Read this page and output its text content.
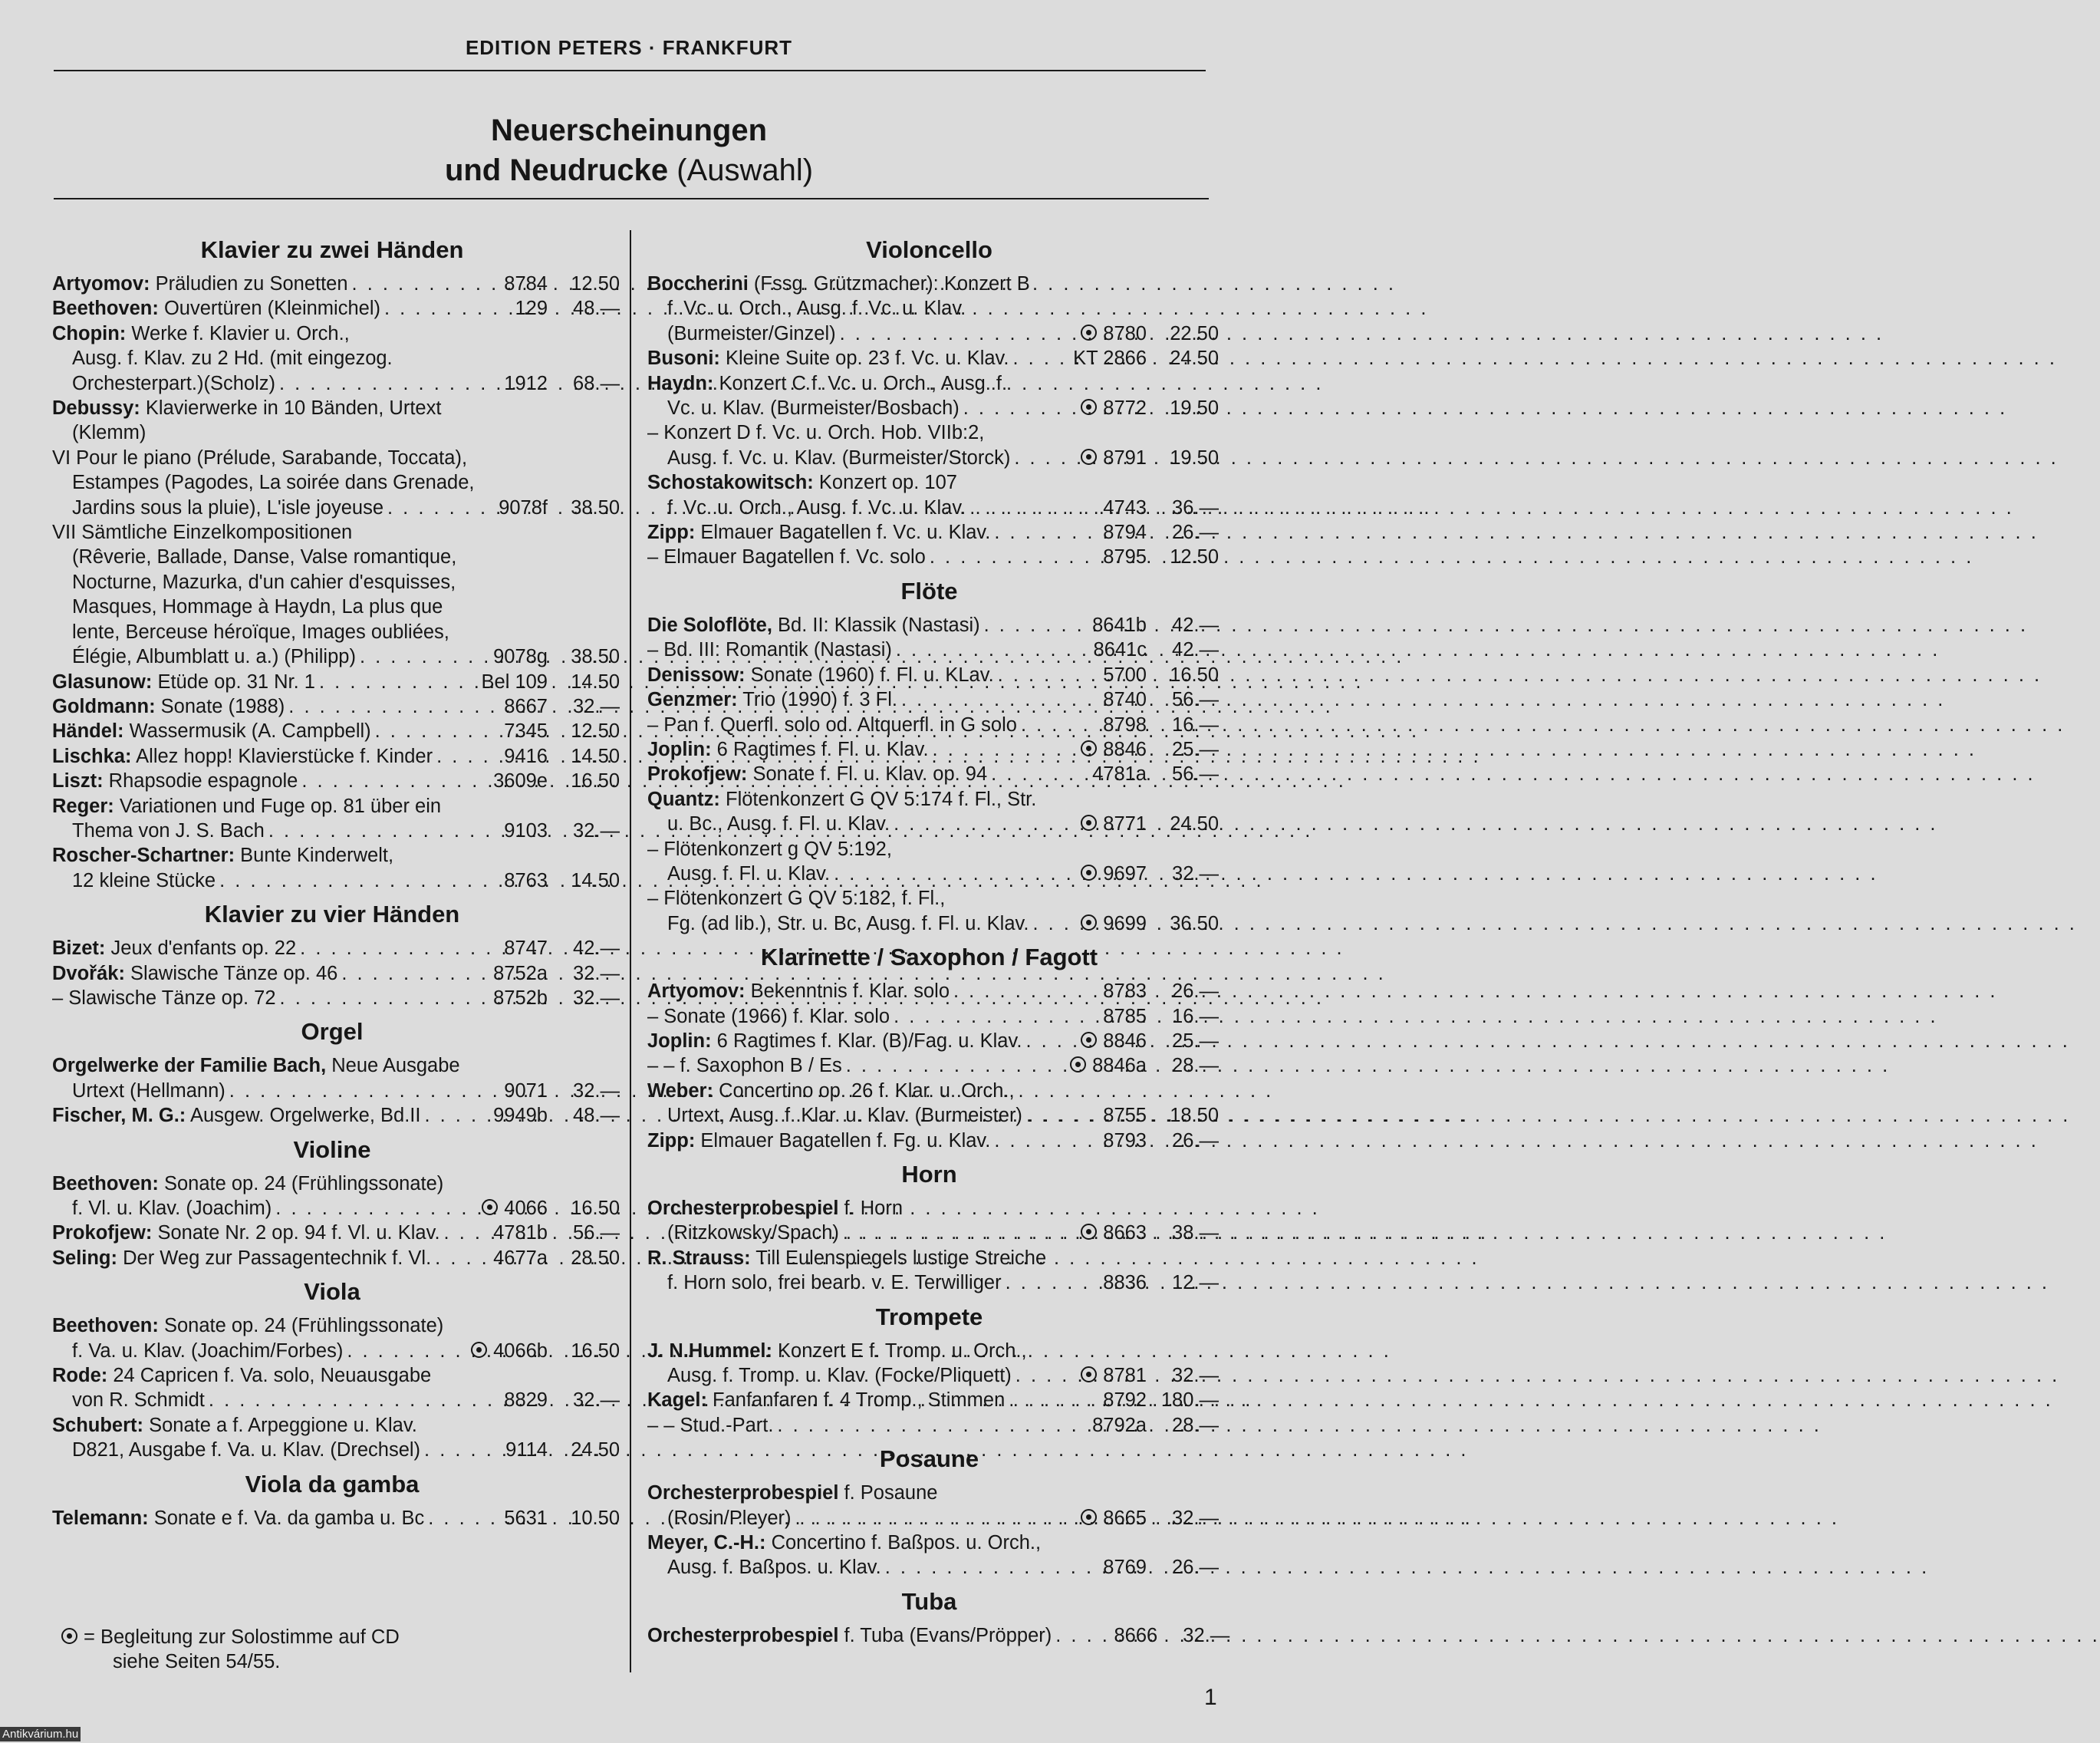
EDITION PETERS · FRANKFURT
Neuerscheinungen
und Neudrucke (Auswahl)
Klavier zu zwei Händen
Artyomov: Präludien zu Sonetten . . .	8784	12.50
Beethoven: Ouvertüren (Kleinmichel) . . .	129	48.—
Chopin: Werke f. Klavier u. Orch.,
Ausg. f. Klav. zu 2 Hd. (mit eingezog.
Orchesterpart.)(Scholz) . . .	1912	68.—
Debussy: Klavierwerke in 10 Bänden, Urtext
(Klemm)
VI Pour le piano (Prélude, Sarabande, Toccata),
Estampes (Pagodes, La soirée dans Grenade,
Jardins sous la pluie), L'isle joyeuse . . .	9078f	38.50
VII Sämtliche Einzelkompositionen
(Rêverie, Ballade, Danse, Valse romantique,
Nocturne, Mazurka, d'un cahier d'esquisses,
Masques, Hommage à Haydn, La plus que
lente, Berceuse héroïque, Images oubliées,
Élégie, Albumblatt u. a.) (Philipp) . . .	9078g	38.50
Glasunow: Etüde op. 31 Nr. 1 . . .	Bel 109	14.50
Goldmann: Sonate (1988) . . .	8667	32.—
Händel: Wassermusik (A. Campbell) . . .	7345	12.50
Lischka: Allez hopp! Klavierstücke f. Kinder . . .	9416	14.50
Liszt: Rhapsodie espagnole . . .	3609e	16.50
Reger: Variationen und Fuge op. 81 über ein
Thema von J. S. Bach . . .	9103	32.—
Roscher-Schartner: Bunte Kinderwelt,
12 kleine Stücke . . .	8763	14.50
Klavier zu vier Händen
Bizet: Jeux d'enfants op. 22 . . .	8747	42.—
Dvořák: Slawische Tänze op. 46 . . .	8752a	32.—
– Slawische Tänze op. 72 . . .	8752b	32.—
Orgel
Orgelwerke der Familie Bach, Neue Ausgabe
Urtext (Hellmann) . . .	9071	32.—
Fischer, M. G.: Ausgew. Orgelwerke, Bd.II . . .	9949b	48.—
Violine
Beethoven: Sonate op. 24 (Frühlingssonate)
f. Vl. u. Klav. (Joachim) . . .	4066	16.50
Prokofjew: Sonate Nr. 2 op. 94 f. Vl. u. Klav. . . .	4781b	56.—
Seling: Der Weg zur Passagentechnik f. Vl. . . .	4677a	28.50
Viola
Beethoven: Sonate op. 24 (Frühlingssonate)
f. Va. u. Klav. (Joachim/Forbes) . . .	4066b	16.50
Rode: 24 Capricen f. Va. solo, Neuausgabe
von R. Schmidt . . .	8829	32.—
Schubert: Sonate a f. Arpeggione u. Klav.
D821, Ausgabe f. Va. u. Klav. (Drechsel) . . .	9114	24.50
Viola da gamba
Telemann: Sonate e f. Va. da gamba u. Bc . . .	5631	10.50
Violoncello
Boccherini (Fssg. Grützmacher): Konzert B
f. Vc. u. Orch., Ausg. f. Vc. u. Klav.
(Burmeister/Ginzel) . . .	8780	22.50
Busoni: Kleine Suite op. 23 f. Vc. u. Klav. . . .	KT 2866	24.50
Haydn: Konzert C f. Vc. u. Orch., Ausg. f.
Vc. u. Klav. (Burmeister/Bosbach) . . .	8772	19.50
– Konzert D f. Vc. u. Orch. Hob. VIIb:2,
Ausg. f. Vc. u. Klav. (Burmeister/Storck) . . .	8791	19.50
Schostakowitsch: Konzert op. 107
f. Vc. u. Orch., Ausg. f. Vc. u. Klav. . . .	4743	36.—
Zipp: Elmauer Bagatellen f. Vc. u. Klav. . . .	8794	26.—
– Elmauer Bagatellen f. Vc. solo . . .	8795	12.50
Flöte
Die Soloflöte, Bd. II: Klassik (Nastasi) . . .	8641b	42.—
– Bd. III: Romantik (Nastasi) . . .	8641c	42.—
Denissow: Sonate (1960) f. Fl. u. KLav. . . .	5700	16.50
Genzmer: Trio (1990) f. 3 Fl. . . .	8740	56.—
– Pan f. Querfl. solo od. Altquerfl. in G solo . . .	8798	16.—
Joplin: 6 Ragtimes f. Fl. u. Klav. . . .	8846	25.—
Prokofjew: Sonate f. Fl. u. Klav. op. 94 . . .	4781a	56.—
Quantz: Flötenkonzert G QV 5:174 f. Fl., Str.
u. Bc., Ausg. f. Fl. u. Klav. . . .	8771	24.50
– Flötenkonzert g QV 5:192,
Ausg. f. Fl. u. Klav. . . .	9697	32.—
– Flötenkonzert G QV 5:182, f. Fl.,
Fg. (ad lib.), Str. u. Bc, Ausg. f. Fl. u. Klav. . . .	9699	36.50
Klarinette / Saxophon / Fagott
Artyomov: Bekenntnis f. Klar. solo . . .	8783	26.—
– Sonate (1966) f. Klar. solo . . .	8785	16.—
Joplin: 6 Ragtimes f. Klar. (B)/Fag. u. Klav. . . .	8846	25.—
– – f. Saxophon B / Es . . .	8846a	28.—
Weber: Concertino op. 26 f. Klar. u. Orch.,
Urtext, Ausg. f. Klar. u. Klav. (Burmeister) . . .	8755	18.50
Zipp: Elmauer Bagatellen f. Fg. u. Klav. . . .	8793	26.—
Horn
Orchesterprobespiel f. Horn
(Ritzkowsky/Spach) . . .	8663	38.—
R. Strauss: Till Eulenspiegels lustige Streiche
f. Horn solo, frei bearb. v. E. Terwilliger . . .	8836	12.—
Trompete
J. N.Hummel: Konzert E f. Tromp. u. Orch.,
Ausg. f. Tromp. u. Klav. (Focke/Pliquett) . . .	8781	32.—
Kagel: Fanfanfaren f. 4 Tromp., Stimmen . . .	8792 180.—
– – Stud.-Part. . . .	8792a	28.—
Posaune
Orchesterprobespiel f. Posaune
(Rosin/Pleyer) . . .	8665	32.—
Meyer, C.-H.: Concertino f. Baßpos. u. Orch.,
Ausg. f. Baßpos. u. Klav. . . .	8769	26.—
Tuba
Orchesterprobespiel f. Tuba (Evans/Pröpper) . . .	8666	32.—
= Begleitung zur Solostimme auf CD
siehe Seiten 54/55.
1
Antikvárium.hu
